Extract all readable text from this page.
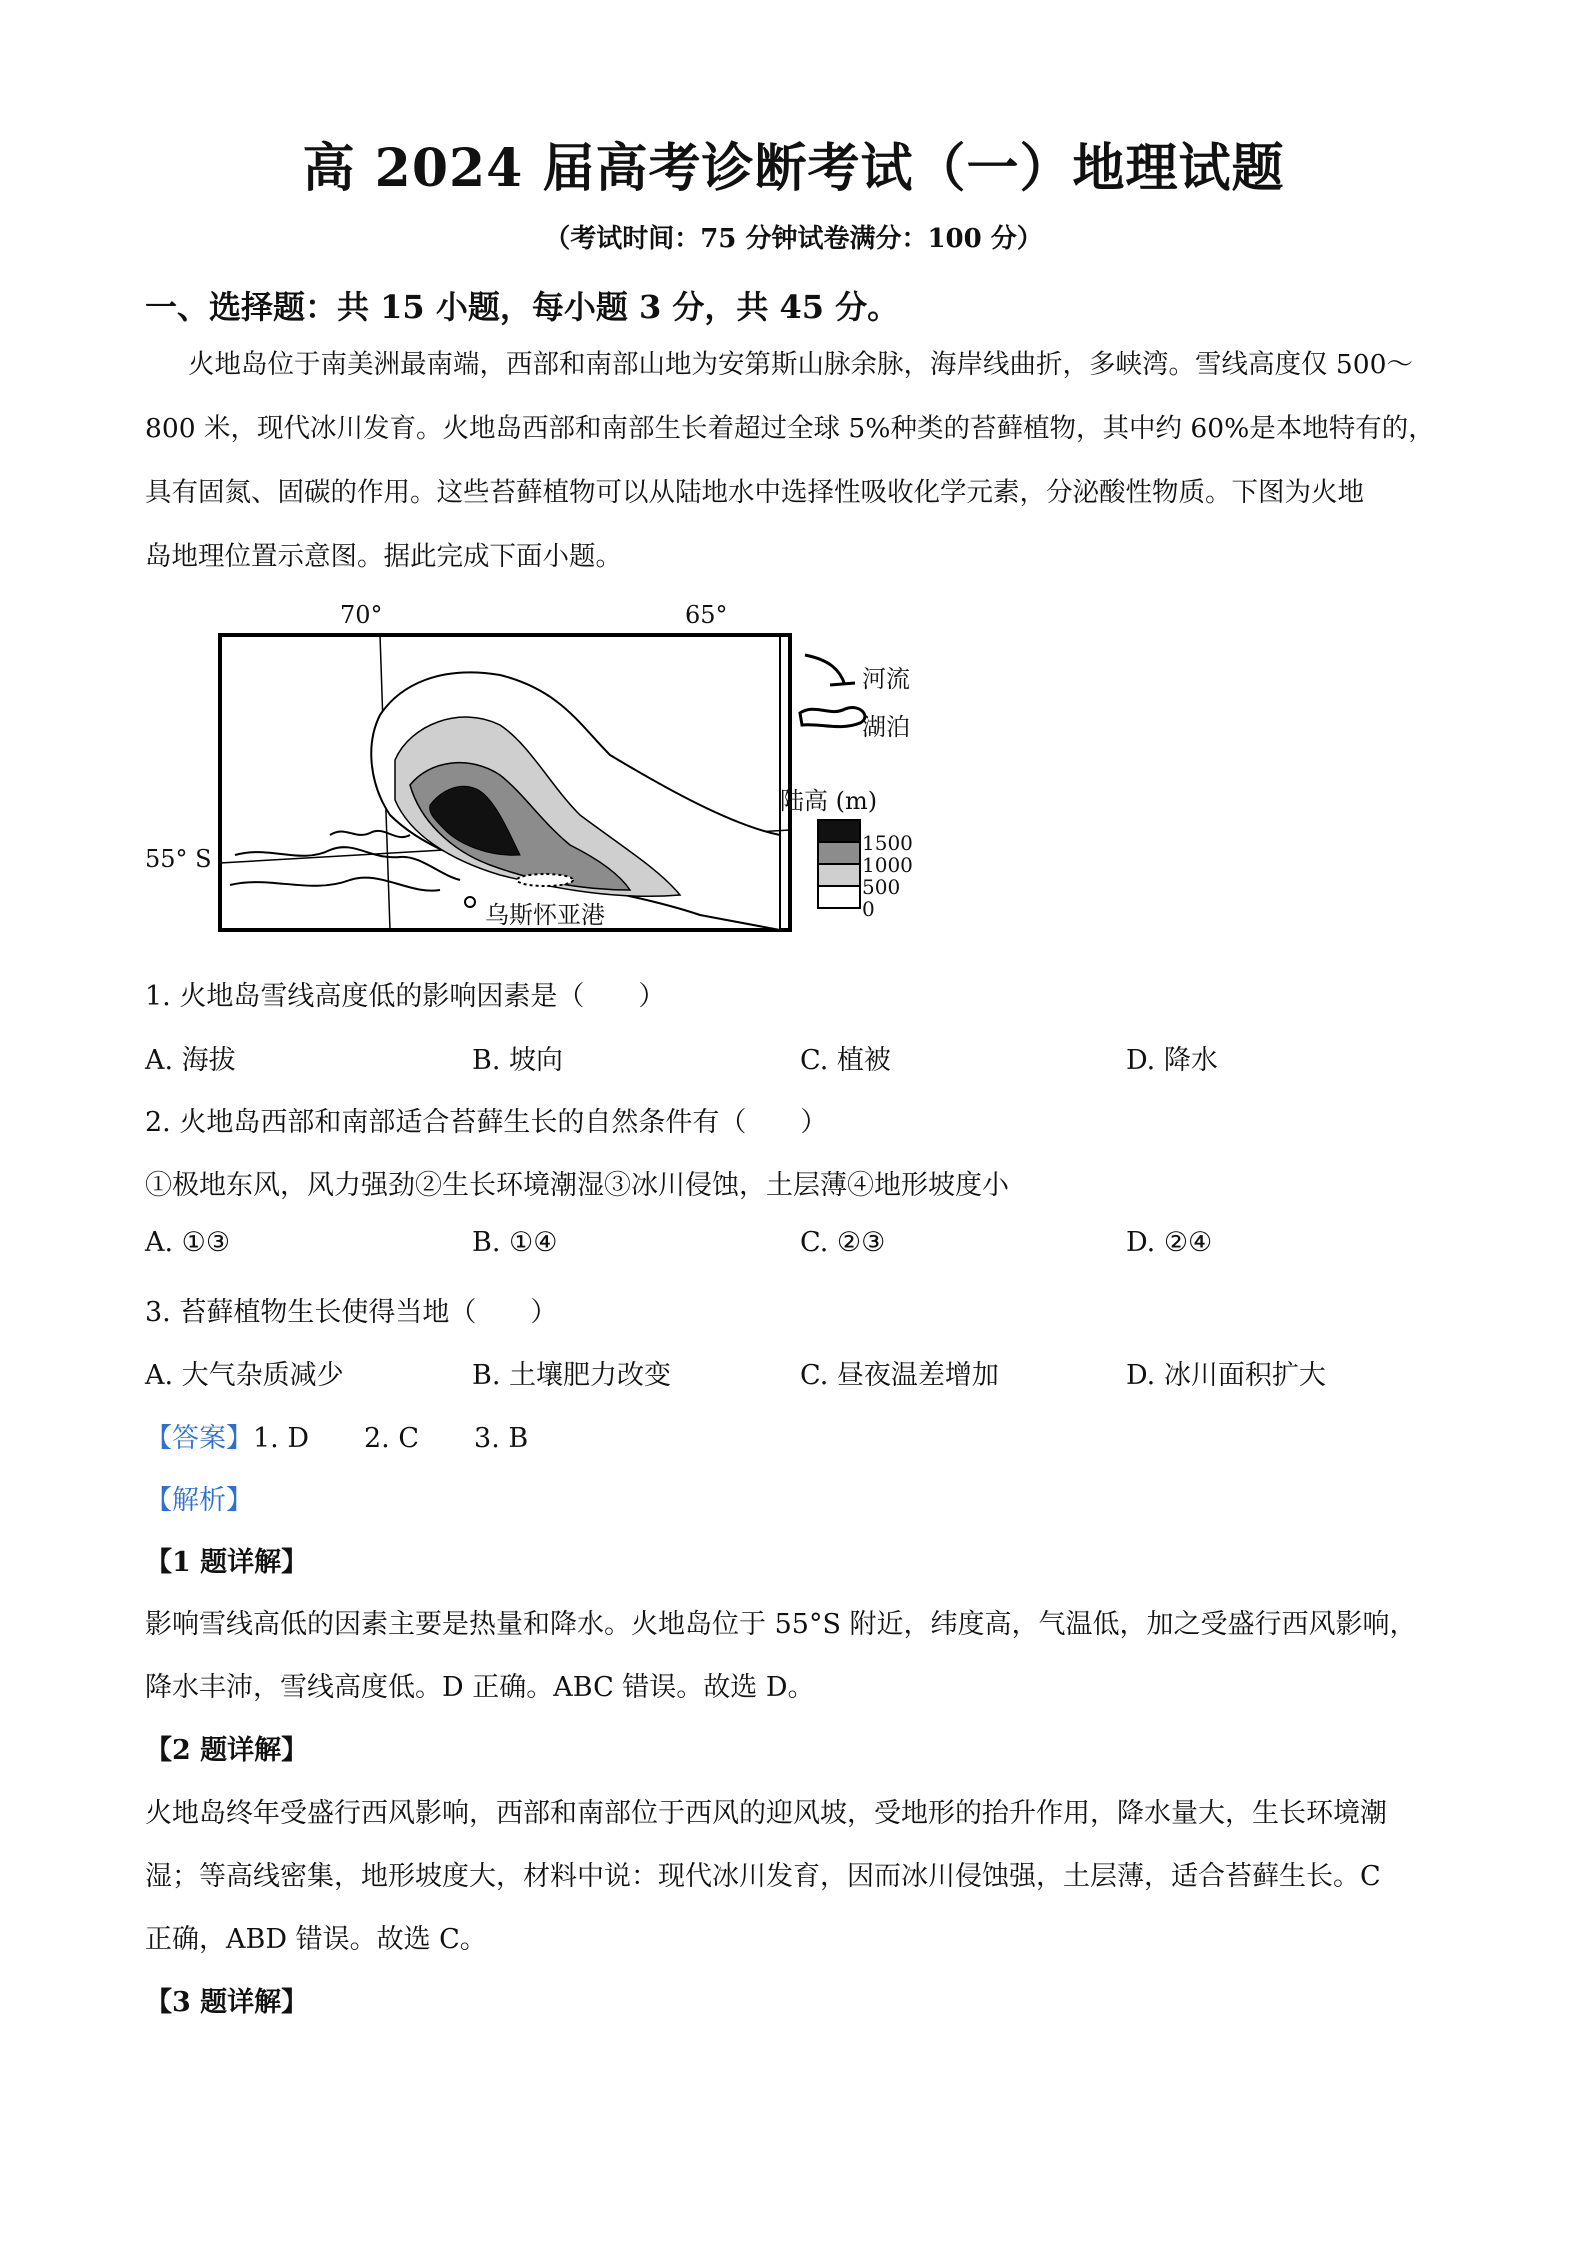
高 2024 届高考诊断考试（一）地理试题
（考试时间：75 分钟试卷满分：100 分）
一、选择题：共 15 小题，每小题 3 分，共 45 分。
火地岛位于南美洲最南端，西部和南部山地为安第斯山脉余脉，海岸线曲折，多峡湾。雪线高度仅 500～
800 米，现代冰川发育。火地岛西部和南部生长着超过全球 5%种类的苔藓植物，其中约 60%是本地特有的，
具有固氮、固碳的作用。这些苔藓植物可以从陆地水中选择性吸收化学元素，分泌酸性物质。下图为火地
岛地理位置示意图。据此完成下面小题。
70°	65°
55° S
乌斯怀亚港
河流
湖泊
陆高 (m)
1500
1000
500
0
1. 火地岛雪线高度低的影响因素是（　　）
A. 海拔	B. 坡向	C. 植被	D. 降水
2. 火地岛西部和南部适合苔藓生长的自然条件有（　　）
①极地东风，风力强劲②生长环境潮湿③冰川侵蚀，土层薄④地形坡度小
A. ①③	B. ①④	C. ②③	D. ②④
3. 苔藓植物生长使得当地（　　）
A. 大气杂质减少	B. 土壤肥力改变	C. 昼夜温差增加	D. 冰川面积扩大
【答案】1. D 2. C 3. B
【解析】
【1 题详解】
影响雪线高低的因素主要是热量和降水。火地岛位于 55°S 附近，纬度高，气温低，加之受盛行西风影响，
降水丰沛，雪线高度低。D 正确。ABC 错误。故选 D。
【2 题详解】
火地岛终年受盛行西风影响，西部和南部位于西风的迎风坡，受地形的抬升作用，降水量大，生长环境潮
湿；等高线密集，地形坡度大，材料中说：现代冰川发育，因而冰川侵蚀强，土层薄，适合苔藓生长。C
正确，ABD 错误。故选 C。
【3 题详解】
